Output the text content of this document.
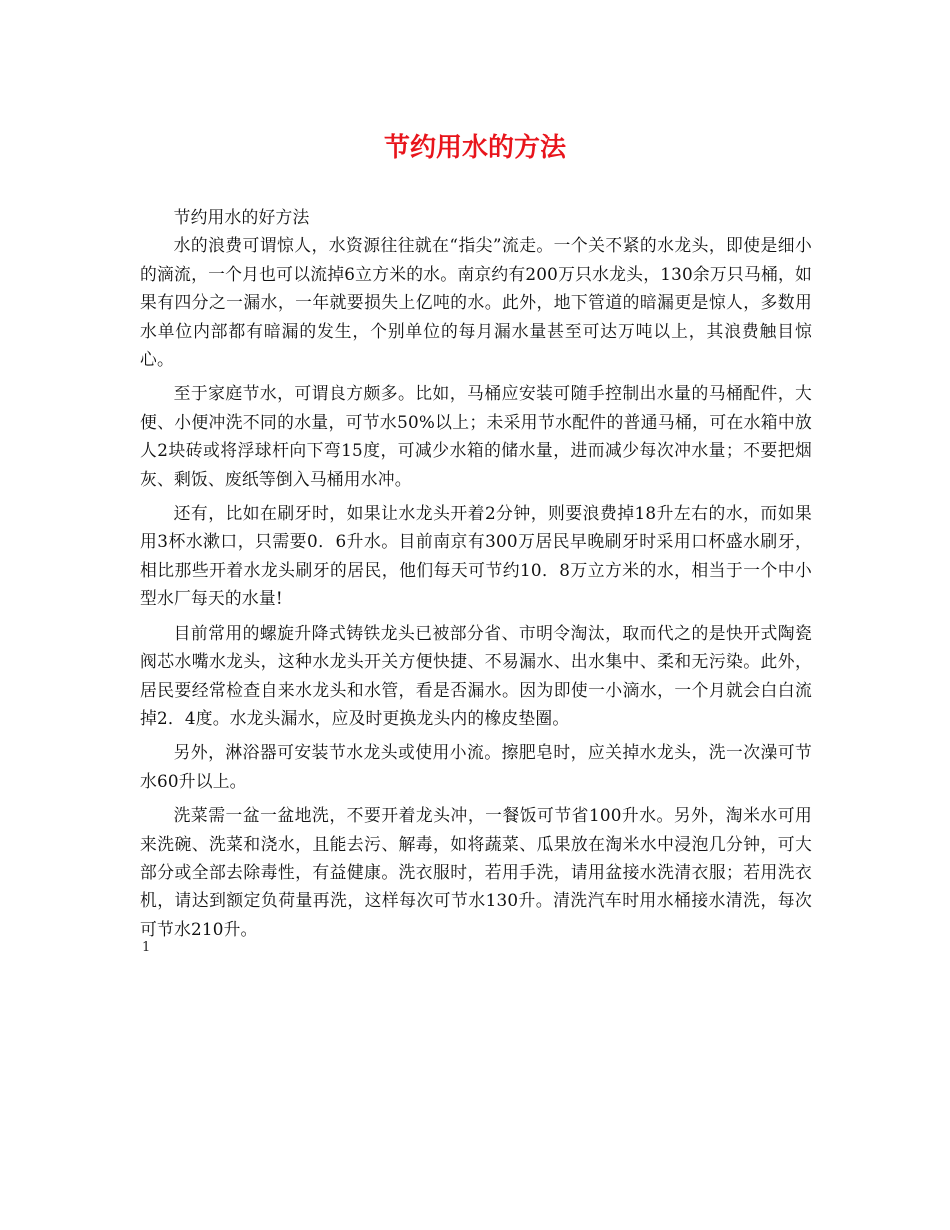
节约用水的方法

节约用水的好方法

水的浪费可谓惊人，水资源往往就在“指尖”流走。一个关不紧的水龙头，即使是细小的滴流，一个月也可以流掉6立方米的水。南京约有200万只水龙头，130余万只马桶，如果有四分之一漏水，一年就要损失上亿吨的水。此外，地下管道的暗漏更是惊人，多数用水单位内部都有暗漏的发生，个别单位的每月漏水量甚至可达万吨以上，其浪费触目惊心。

至于家庭节水，可谓良方颇多。比如，马桶应安装可随手控制出水量的马桶配件，大便、小便冲洗不同的水量，可节水50%以上；未采用节水配件的普通马桶，可在水箱中放人2块砖或将浮球杆向下弯15度，可减少水箱的储水量，进而减少每次冲水量；不要把烟灰、剩饭、废纸等倒入马桶用水冲。

还有，比如在刷牙时，如果让水龙头开着2分钟，则要浪费掉18升左右的水，而如果用3杯水漱口，只需要0．6升水。目前南京有300万居民早晚刷牙时采用口杯盛水刷牙，相比那些开着水龙头刷牙的居民，他们每天可节约10．8万立方米的水，相当于一个中小型水厂每天的水量!

目前常用的螺旋升降式铸铁龙头已被部分省、市明令淘汰，取而代之的是快开式陶瓷阀芯水嘴水龙头，这种水龙头开关方便快捷、不易漏水、出水集中、柔和无污染。此外，居民要经常检查自来水龙头和水管，看是否漏水。因为即使一小滴水，一个月就会白白流掉2．4度。水龙头漏水，应及时更换龙头内的橡皮垫圈。

另外，淋浴器可安装节水龙头或使用小流。擦肥皂时，应关掉水龙头，洗一次澡可节水60升以上。

洗菜需一盆一盆地洗，不要开着龙头冲，一餐饭可节省100升水。另外，淘米水可用来洗碗、洗菜和浇水，且能去污、解毒，如将蔬菜、瓜果放在淘米水中浸泡几分钟，可大部分或全部去除毒性，有益健康。洗衣服时，若用手洗，请用盆接水洗清衣服；若用洗衣机，请达到额定负荷量再洗，这样每次可节水130升。清洗汽车时用水桶接水清洗，每次可节水210升。

1
